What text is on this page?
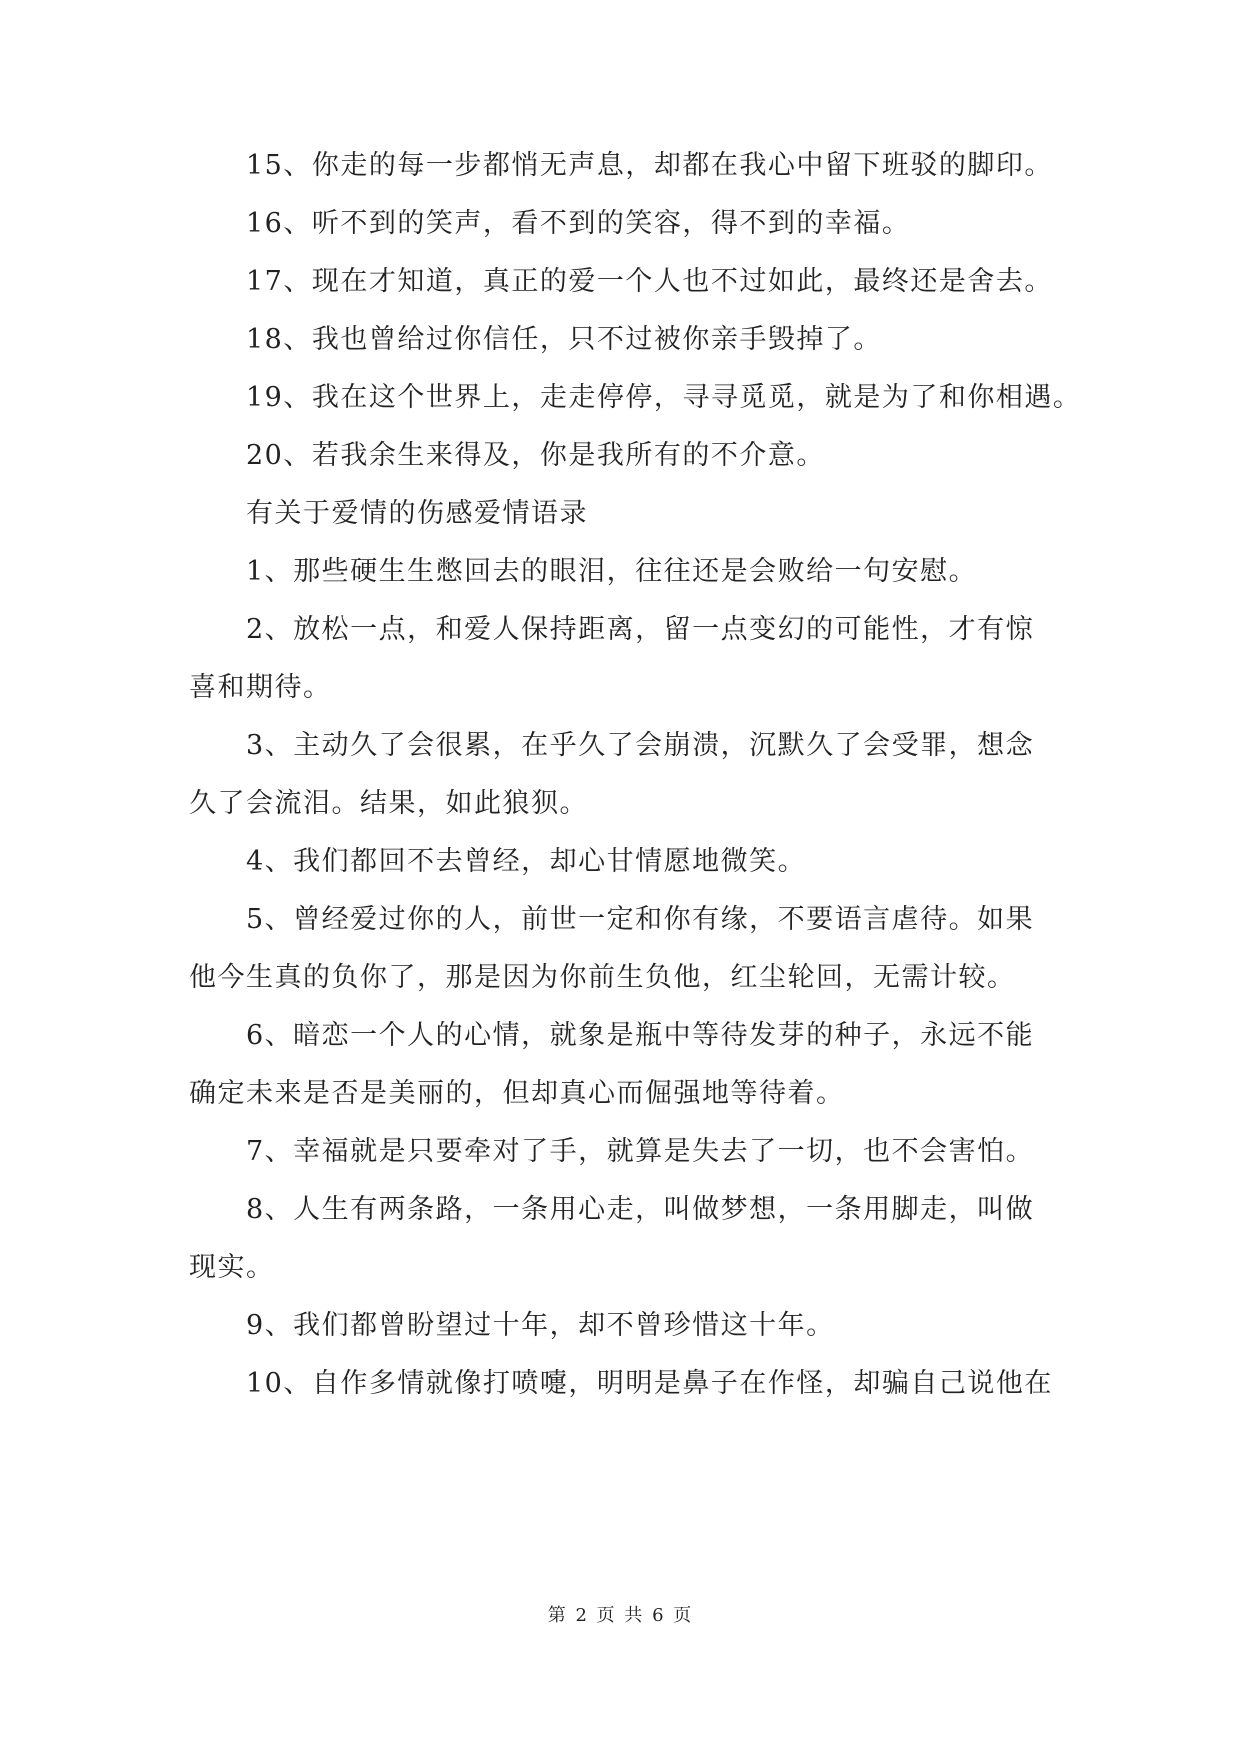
15、你走的每一步都悄无声息，却都在我心中留下班驳的脚印。
16、听不到的笑声，看不到的笑容，得不到的幸福。
17、现在才知道，真正的爱一个人也不过如此，最终还是舍去。
18、我也曾给过你信任，只不过被你亲手毁掉了。
19、我在这个世界上，走走停停，寻寻觅觅，就是为了和你相遇。
20、若我余生来得及，你是我所有的不介意。
有关于爱情的伤感爱情语录
1、那些硬生生憋回去的眼泪，往往还是会败给一句安慰。
2、放松一点，和爱人保持距离，留一点变幻的可能性，才有惊
喜和期待。
3、主动久了会很累，在乎久了会崩溃，沉默久了会受罪，想念
久了会流泪。结果，如此狼狈。
4、我们都回不去曾经，却心甘情愿地微笑。
5、曾经爱过你的人，前世一定和你有缘，不要语言虐待。如果
他今生真的负你了，那是因为你前生负他，红尘轮回，无需计较。
6、暗恋一个人的心情，就象是瓶中等待发芽的种子，永远不能
确定未来是否是美丽的，但却真心而倔强地等待着。
7、幸福就是只要牵对了手，就算是失去了一切，也不会害怕。
8、人生有两条路，一条用心走，叫做梦想，一条用脚走，叫做
现实。
9、我们都曾盼望过十年，却不曾珍惜这十年。
10、自作多情就像打喷嚏，明明是鼻子在作怪，却骗自己说他在
第 2 页 共 6 页
